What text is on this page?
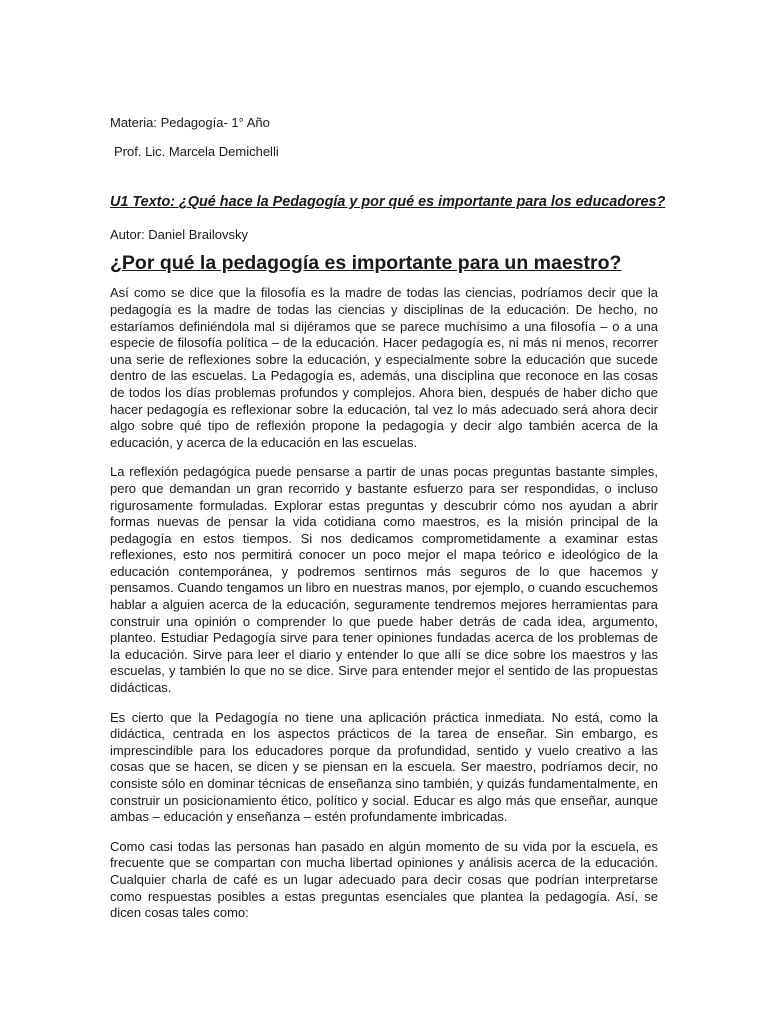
Materia: Pedagogía- 1° Año

Prof. Lic. Marcela Demichelli

U1 Texto: ¿Qué hace la Pedagogía y por qué es importante para los educadores?

Autor: Daniel Brailovsky

¿Por qué la pedagogía es importante para un maestro?

Así como se dice que la filosofía es la madre de todas las ciencias, podríamos decir que la pedagogía es la madre de todas las ciencias y disciplinas de la educación. De hecho, no estaríamos definiéndola mal si dijéramos que se parece muchísimo a una filosofía – o a una especie de filosofía política – de la educación. Hacer pedagogía es, ni más ni menos, recorrer una serie de reflexiones sobre la educación, y especialmente sobre la educación que sucede dentro de las escuelas. La Pedagogía es, además, una disciplina que reconoce en las cosas de todos los días problemas profundos y complejos. Ahora bien, después de haber dicho que hacer pedagogía es reflexionar sobre la educación, tal vez lo más adecuado será ahora decir algo sobre qué tipo de reflexión propone la pedagogía y decir algo también acerca de la educación, y acerca de la educación en las escuelas.

La reflexión pedagógica puede pensarse a partir de unas pocas preguntas bastante simples, pero que demandan un gran recorrido y bastante esfuerzo para ser respondidas, o incluso rigurosamente formuladas. Explorar estas preguntas y descubrir cómo nos ayudan a abrir formas nuevas de pensar la vida cotidiana como maestros, es la misión principal de la pedagogía en estos tiempos. Si nos dedicamos comprometidamente a examinar estas reflexiones, esto nos permitirá conocer un poco mejor el mapa teórico e ideológico de la educación contemporánea, y podremos sentirnos más seguros de lo que hacemos y pensamos. Cuando tengamos un libro en nuestras manos, por ejemplo, o cuando escuchemos hablar a alguien acerca de la educación, seguramente tendremos mejores herramientas para construir una opinión o comprender lo que puede haber detrás de cada idea, argumento, planteo. Estudiar Pedagogía sirve para tener opiniones fundadas acerca de los problemas de la educación. Sirve para leer el diario y entender lo que allí se dice sobre los maestros y las escuelas, y también lo que no se dice. Sirve para entender mejor el sentido de las propuestas didácticas.

Es cierto que la Pedagogía no tiene una aplicación práctica inmediata. No está, como la didáctica, centrada en los aspectos prácticos de la tarea de enseñar. Sin embargo, es imprescindible para los educadores porque da profundidad, sentido y vuelo creativo a las cosas que se hacen, se dicen y se piensan en la escuela. Ser maestro, podríamos decir, no consiste sólo en dominar técnicas de enseñanza sino también, y quizás fundamentalmente, en construir un posicionamiento ético, político y social. Educar es algo más que enseñar, aunque ambas – educación y enseñanza – estén profundamente imbricadas.

Como casi todas las personas han pasado en algún momento de su vida por la escuela, es frecuente que se compartan con mucha libertad opiniones y análisis acerca de la educación. Cualquier charla de café es un lugar adecuado para decir cosas que podrían interpretarse como respuestas posibles a estas preguntas esenciales que plantea la pedagogía. Así, se dicen cosas tales como:
